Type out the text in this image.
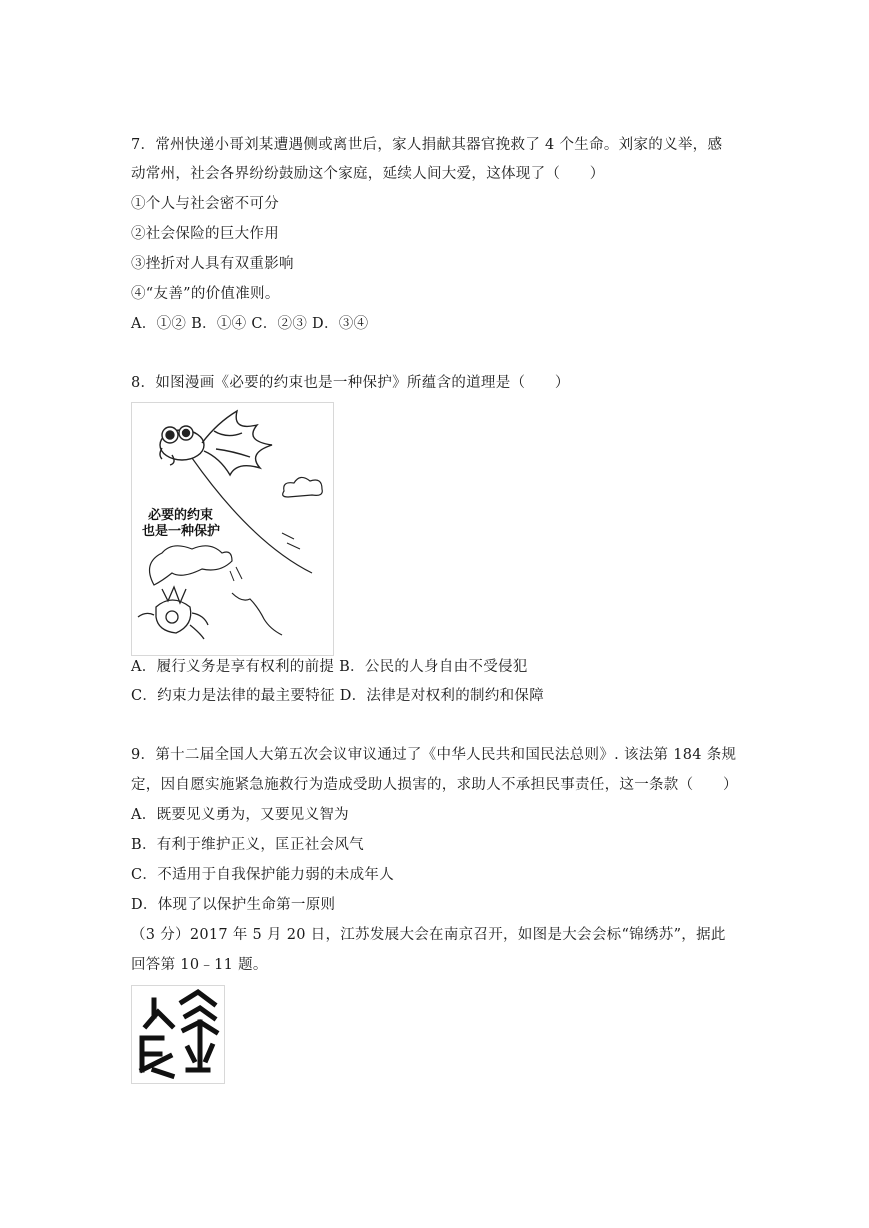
7．常州快递小哥刘某遭遇侧或离世后，家人捐献其器官挽救了 4 个生命。刘家的义举，感
动常州，社会各界纷纷鼓励这个家庭，延续人间大爱，这体现了（　　）
①个人与社会密不可分
②社会保险的巨大作用
③挫折对人具有双重影响
④“友善”的价值准则。
A．①② B．①④ C．②③ D．③④
8．如图漫画《必要的约束也是一种保护》所蕴含的道理是（　　）
必要的约束
也是一种保护
A．履行义务是享有权利的前提 B．公民的人身自由不受侵犯
C．约束力是法律的最主要特征 D．法律是对权利的制约和保障
9．第十二届全国人大第五次会议审议通过了《中华人民共和国民法总则》. 该法第 184 条规
定，因自愿实施紧急施救行为造成受助人损害的，求助人不承担民事责任，这一条款（　　）
A．既要见义勇为，又要见义智为
B．有利于维护正义，匡正社会风气
C．不适用于自我保护能力弱的未成年人
D．体现了以保护生命第一原则
（3 分）2017 年 5 月 20 日，江苏发展大会在南京召开，如图是大会会标“锦绣苏”，据此
回答第 10﹣11 题。
